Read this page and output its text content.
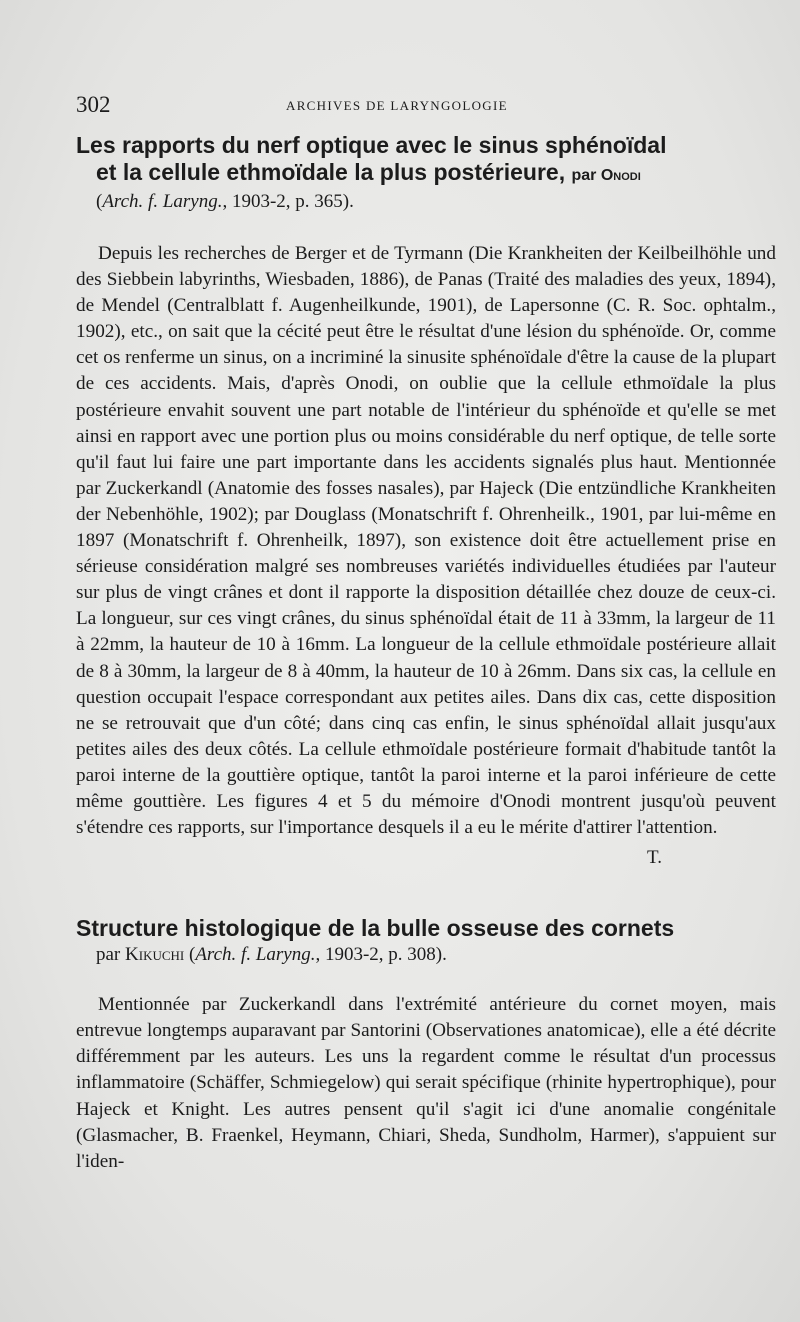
302	ARCHIVES DE LARYNGOLOGIE
Les rapports du nerf optique avec le sinus sphénoïdal
et la cellule ethmoïdale la plus postérieure, par Onodi

(Arch. f. Laryng., 1903-2, p. 365).

Depuis les recherches de Berger et de Tyrmann (Die Krankheiten der Keilbeilhöhle und des Siebbein labyrinths, Wiesbaden, 1886), de Panas (Traité des maladies des yeux, 1894), de Mendel (Centralblatt f. Augenheilkunde, 1901), de Lapersonne (C. R. Soc. ophtalm., 1902), etc., on sait que la cécité peut être le résultat d'une lésion du sphénoïde. Or, comme cet os renferme un sinus, on a incriminé la sinusite sphénoïdale d'être la cause de la plupart de ces accidents. Mais, d'après Onodi, on oublie que la cellule ethmoïdale la plus postérieure envahit souvent une part notable de l'intérieur du sphénoïde et qu'elle se met ainsi en rapport avec une portion plus ou moins considérable du nerf optique, de telle sorte qu'il faut lui faire une part importante dans les accidents signalés plus haut. Mentionnée par Zuckerkandl (Anatomie des fosses nasales), par Hajeck (Die entzündliche Krankheiten der Nebenhöhle, 1902); par Douglass (Monatschrift f. Ohrenheilk., 1901, par lui-même en 1897 (Monatschrift f. Ohrenheilk, 1897), son existence doit être actuellement prise en sérieuse considération malgré ses nombreuses variétés individuelles étudiées par l'auteur sur plus de vingt crânes et dont il rapporte la disposition détaillée chez douze de ceux-ci. La longueur, sur ces vingt crânes, du sinus sphénoïdal était de 11 à 33mm, la largeur de 11 à 22mm, la hauteur de 10 à 16mm. La longueur de la cellule ethmoïdale postérieure allait de 8 à 30mm, la largeur de 8 à 40mm, la hauteur de 10 à 26mm. Dans six cas, la cellule en question occupait l'espace correspondant aux petites ailes. Dans dix cas, cette disposition ne se retrouvait que d'un côté; dans cinq cas enfin, le sinus sphénoïdal allait jusqu'aux petites ailes des deux côtés. La cellule ethmoïdale postérieure formait d'habitude tantôt la paroi interne de la gouttière optique, tantôt la paroi interne et la paroi inférieure de cette même gouttière. Les figures 4 et 5 du mémoire d'Onodi montrent jusqu'où peuvent s'étendre ces rapports, sur l'importance desquels il a eu le mérite d'attirer l'attention.

T.

Structure histologique de la bulle osseuse des cornets

par Kikuchi (Arch. f. Laryng., 1903-2, p. 308).

Mentionnée par Zuckerkandl dans l'extrémité antérieure du cornet moyen, mais entrevue longtemps auparavant par Santorini (Observationes anatomicae), elle a été décrite différemment par les auteurs. Les uns la regardent comme le résultat d'un processus inflammatoire (Schäffer, Schmiegelow) qui serait spécifique (rhinite hypertrophique), pour Hajeck et Knight. Les autres pensent qu'il s'agit ici d'une anomalie congénitale (Glasmacher, B. Fraenkel, Heymann, Chiari, Sheda, Sundholm, Harmer), s'appuient sur l'iden-
